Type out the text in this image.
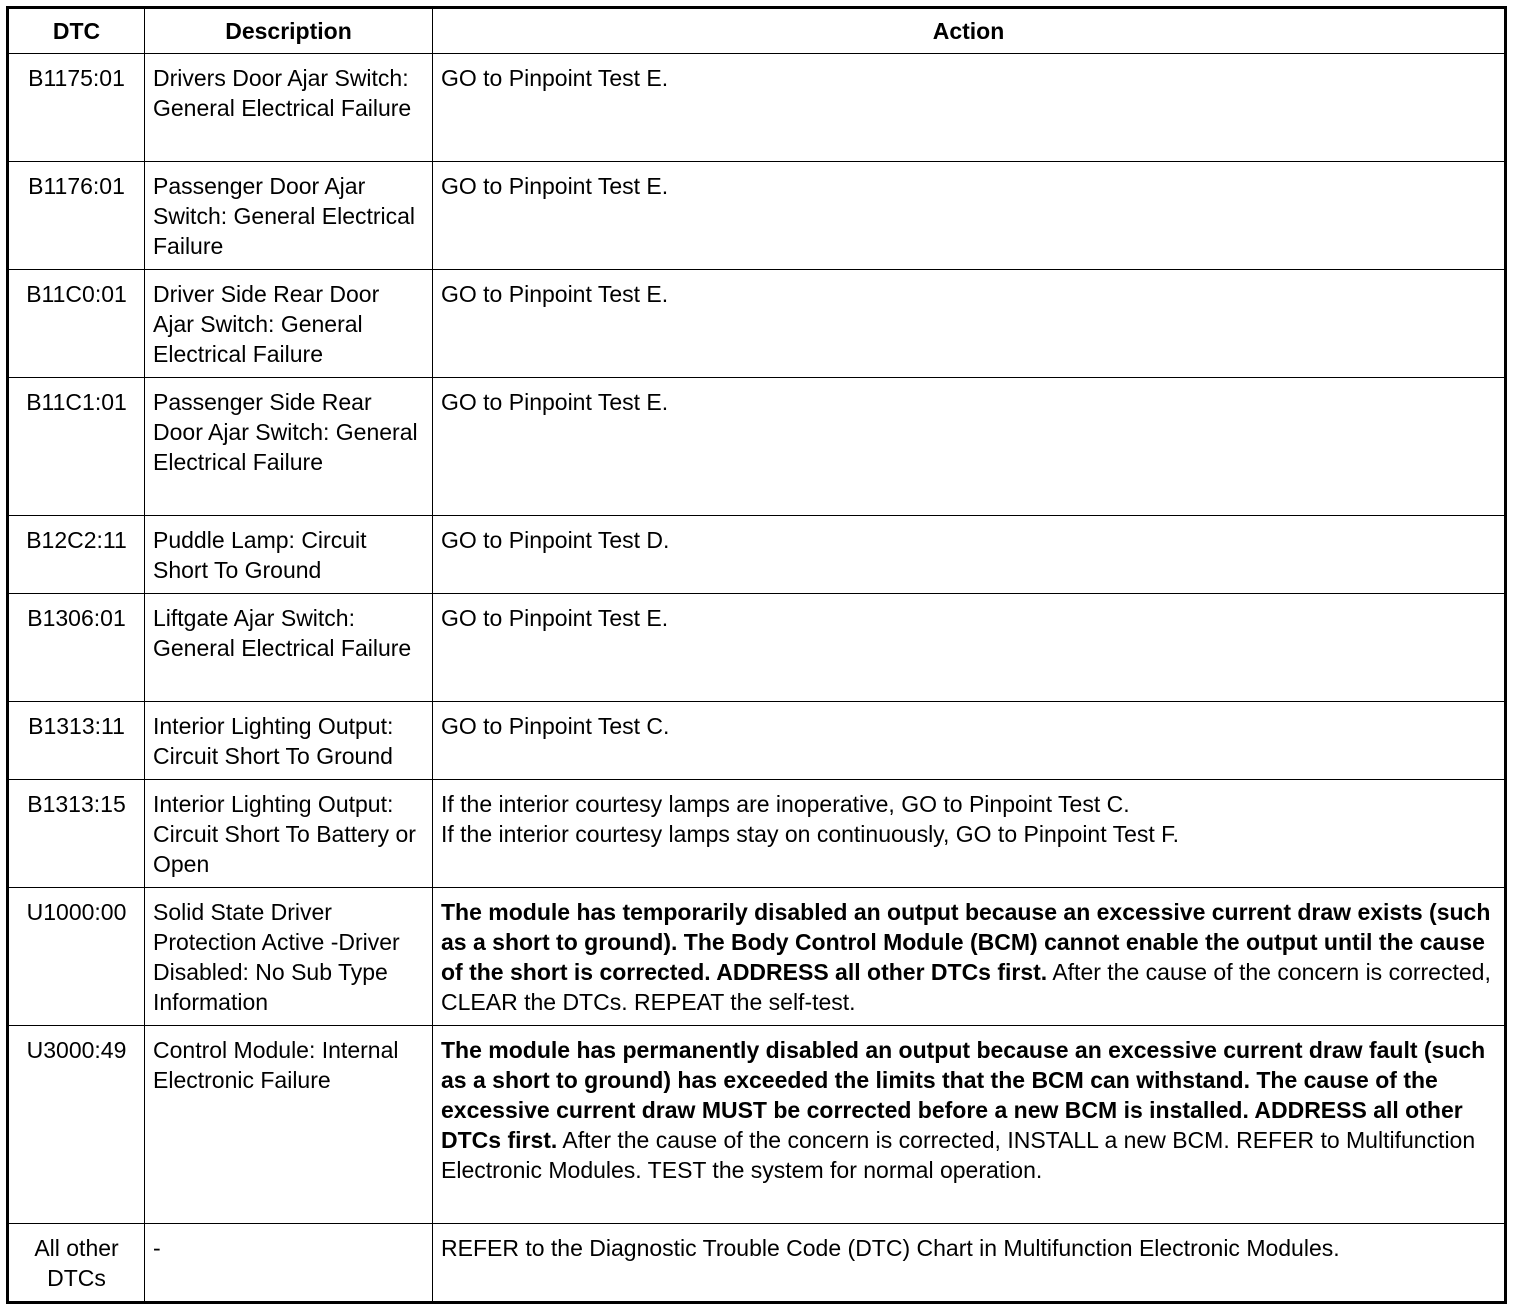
DTC	Description	Action
B1175:01	Drivers Door Ajar Switch: General Electrical Failure	GO to Pinpoint Test E.

B1176:01	Passenger Door Ajar Switch: General Electrical Failure	GO to Pinpoint Test E.

B11C0:01	Driver Side Rear Door Ajar Switch: General Electrical Failure	GO to Pinpoint Test E.

B11C1:01	Passenger Side Rear Door Ajar Switch: General Electrical Failure	GO to Pinpoint Test E.

B12C2:11	Puddle Lamp: Circuit Short To Ground	GO to Pinpoint Test D.

B1306:01	Liftgate Ajar Switch: General Electrical Failure	GO to Pinpoint Test E.

B1313:11	Interior Lighting Output: Circuit Short To Ground	GO to Pinpoint Test C.

B1313:15	Interior Lighting Output: Circuit Short To Battery or Open	If the interior courtesy lamps are inoperative, GO to Pinpoint Test C.
If the interior courtesy lamps stay on continuously, GO to Pinpoint Test F.

U1000:00	Solid State Driver Protection Active -Driver Disabled: No Sub Type Information	The module has temporarily disabled an output because an excessive current draw exists (such as a short to ground). The Body Control Module (BCM) cannot enable the output until the cause of the short is corrected. ADDRESS all other DTCs first. After the cause of the concern is corrected, CLEAR the DTCs. REPEAT the self-test.

U3000:49	Control Module: Internal Electronic Failure	The module has permanently disabled an output because an excessive current draw fault (such as a short to ground) has exceeded the limits that the BCM can withstand. The cause of the excessive current draw MUST be corrected before a new BCM is installed. ADDRESS all other DTCs first. After the cause of the concern is corrected, INSTALL a new BCM. REFER to Multifunction Electronic Modules. TEST the system for normal operation.

All other DTCs	-	REFER to the Diagnostic Trouble Code (DTC) Chart in Multifunction Electronic Modules.
